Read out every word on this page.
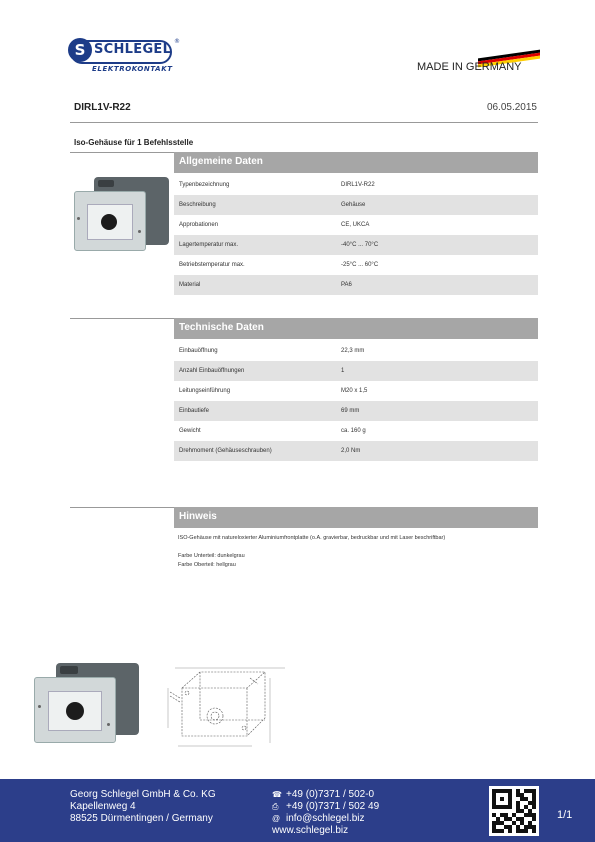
S SCHLEGEL
®
ELEKTROKONTAKT	MADE IN GERMANY
DIRL1V-R22	06.05.2015
Iso-Gehäuse für 1 Befehlsstelle
Allgemeine Daten
Typenbezeichnung	DIRL1V-R22
Beschreibung	Gehäuse
Approbationen	CE, UKCA
Lagertemperatur max.	-40°C ... 70°C
Betriebstemperatur max.	-25°C ... 60°C
Material	PA6
Technische Daten
Einbauöffnung	22,3 mm
Anzahl Einbauöffnungen	1
Leitungseinführung	M20 x 1,5
Einbautiefe	69 mm
Gewicht	ca. 160 g
Drehmoment (Gehäuseschrauben)	2,0 Nm
Hinweis
ISO-Gehäuse mit natureloxierter Aluminiumfrontplatte (o.A. gravierbar, bedruckbar und mit Laser beschriftbar)
Farbe Unterteil: dunkelgrau
Farbe Oberteil: hellgrau
Georg Schlegel GmbH & Co. KG
Kapellenweg 4
88525 Dürmentingen / Germany
☎ +49 (0)7371 / 502-0
⎙ +49 (0)7371 / 502 49
@ info@schlegel.biz
www.schlegel.biz
1/1
